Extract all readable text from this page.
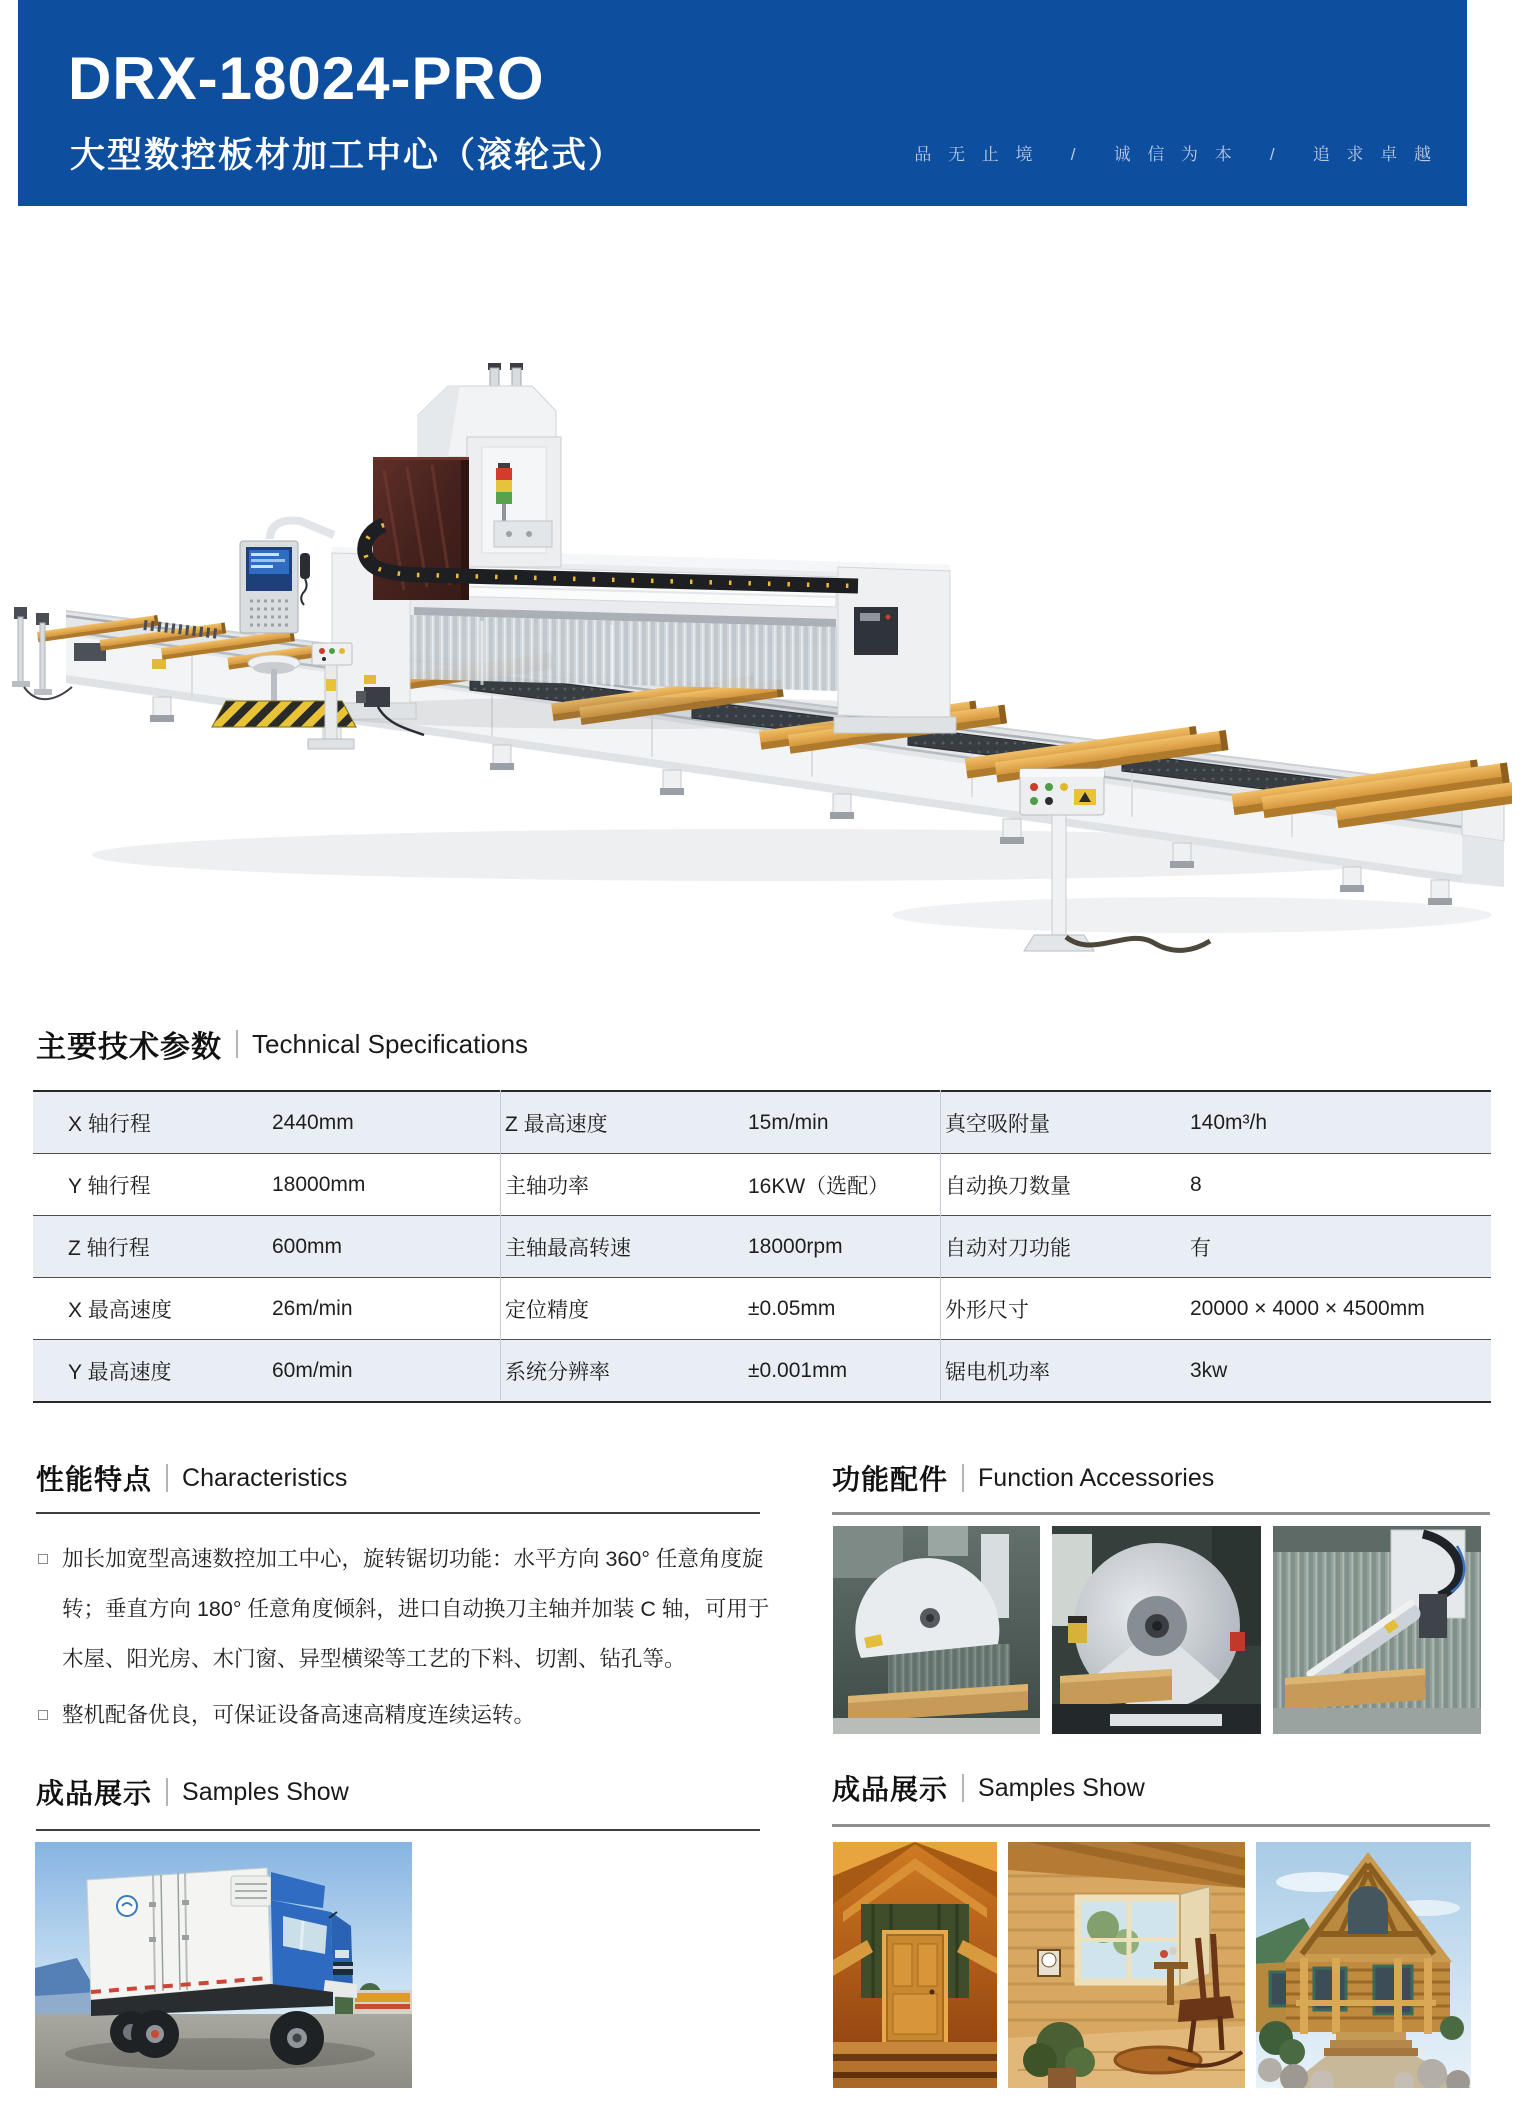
DRX-18024-PRO
大型数控板材加工中心（滚轮式）	品 无 止 境   /   诚 信 为 本   /   追 求 卓 越
主要技术参数 Technical Specifications
X 轴行程	2440mm	Z 最高速度	15m/min	真空吸附量	140m³/h
Y 轴行程	18000mm	主轴功率	16KW（选配）	自动换刀数量	8
Z 轴行程	600mm	主轴最高转速	18000rpm	自动对刀功能	有
X 最高速度	26m/min	定位精度	±0.05mm	外形尺寸	20000 × 4000 × 4500mm
Y 最高速度	60m/min	系统分辨率	±0.001mm	锯电机功率	3kw
性能特点 Characteristics
加长加宽型高速数控加工中心，旋转锯切功能：水平方向 360° 任意角度旋转；垂直方向 180° 任意角度倾斜，进口自动换刀主轴并加装 C 轴，可用于木屋、阳光房、木门窗、异型横梁等工艺的下料、切割、钻孔等。
整机配备优良，可保证设备高速高精度连续运转。
功能配件 Function Accessories
成品展示 Samples Show	成品展示 Samples Show
